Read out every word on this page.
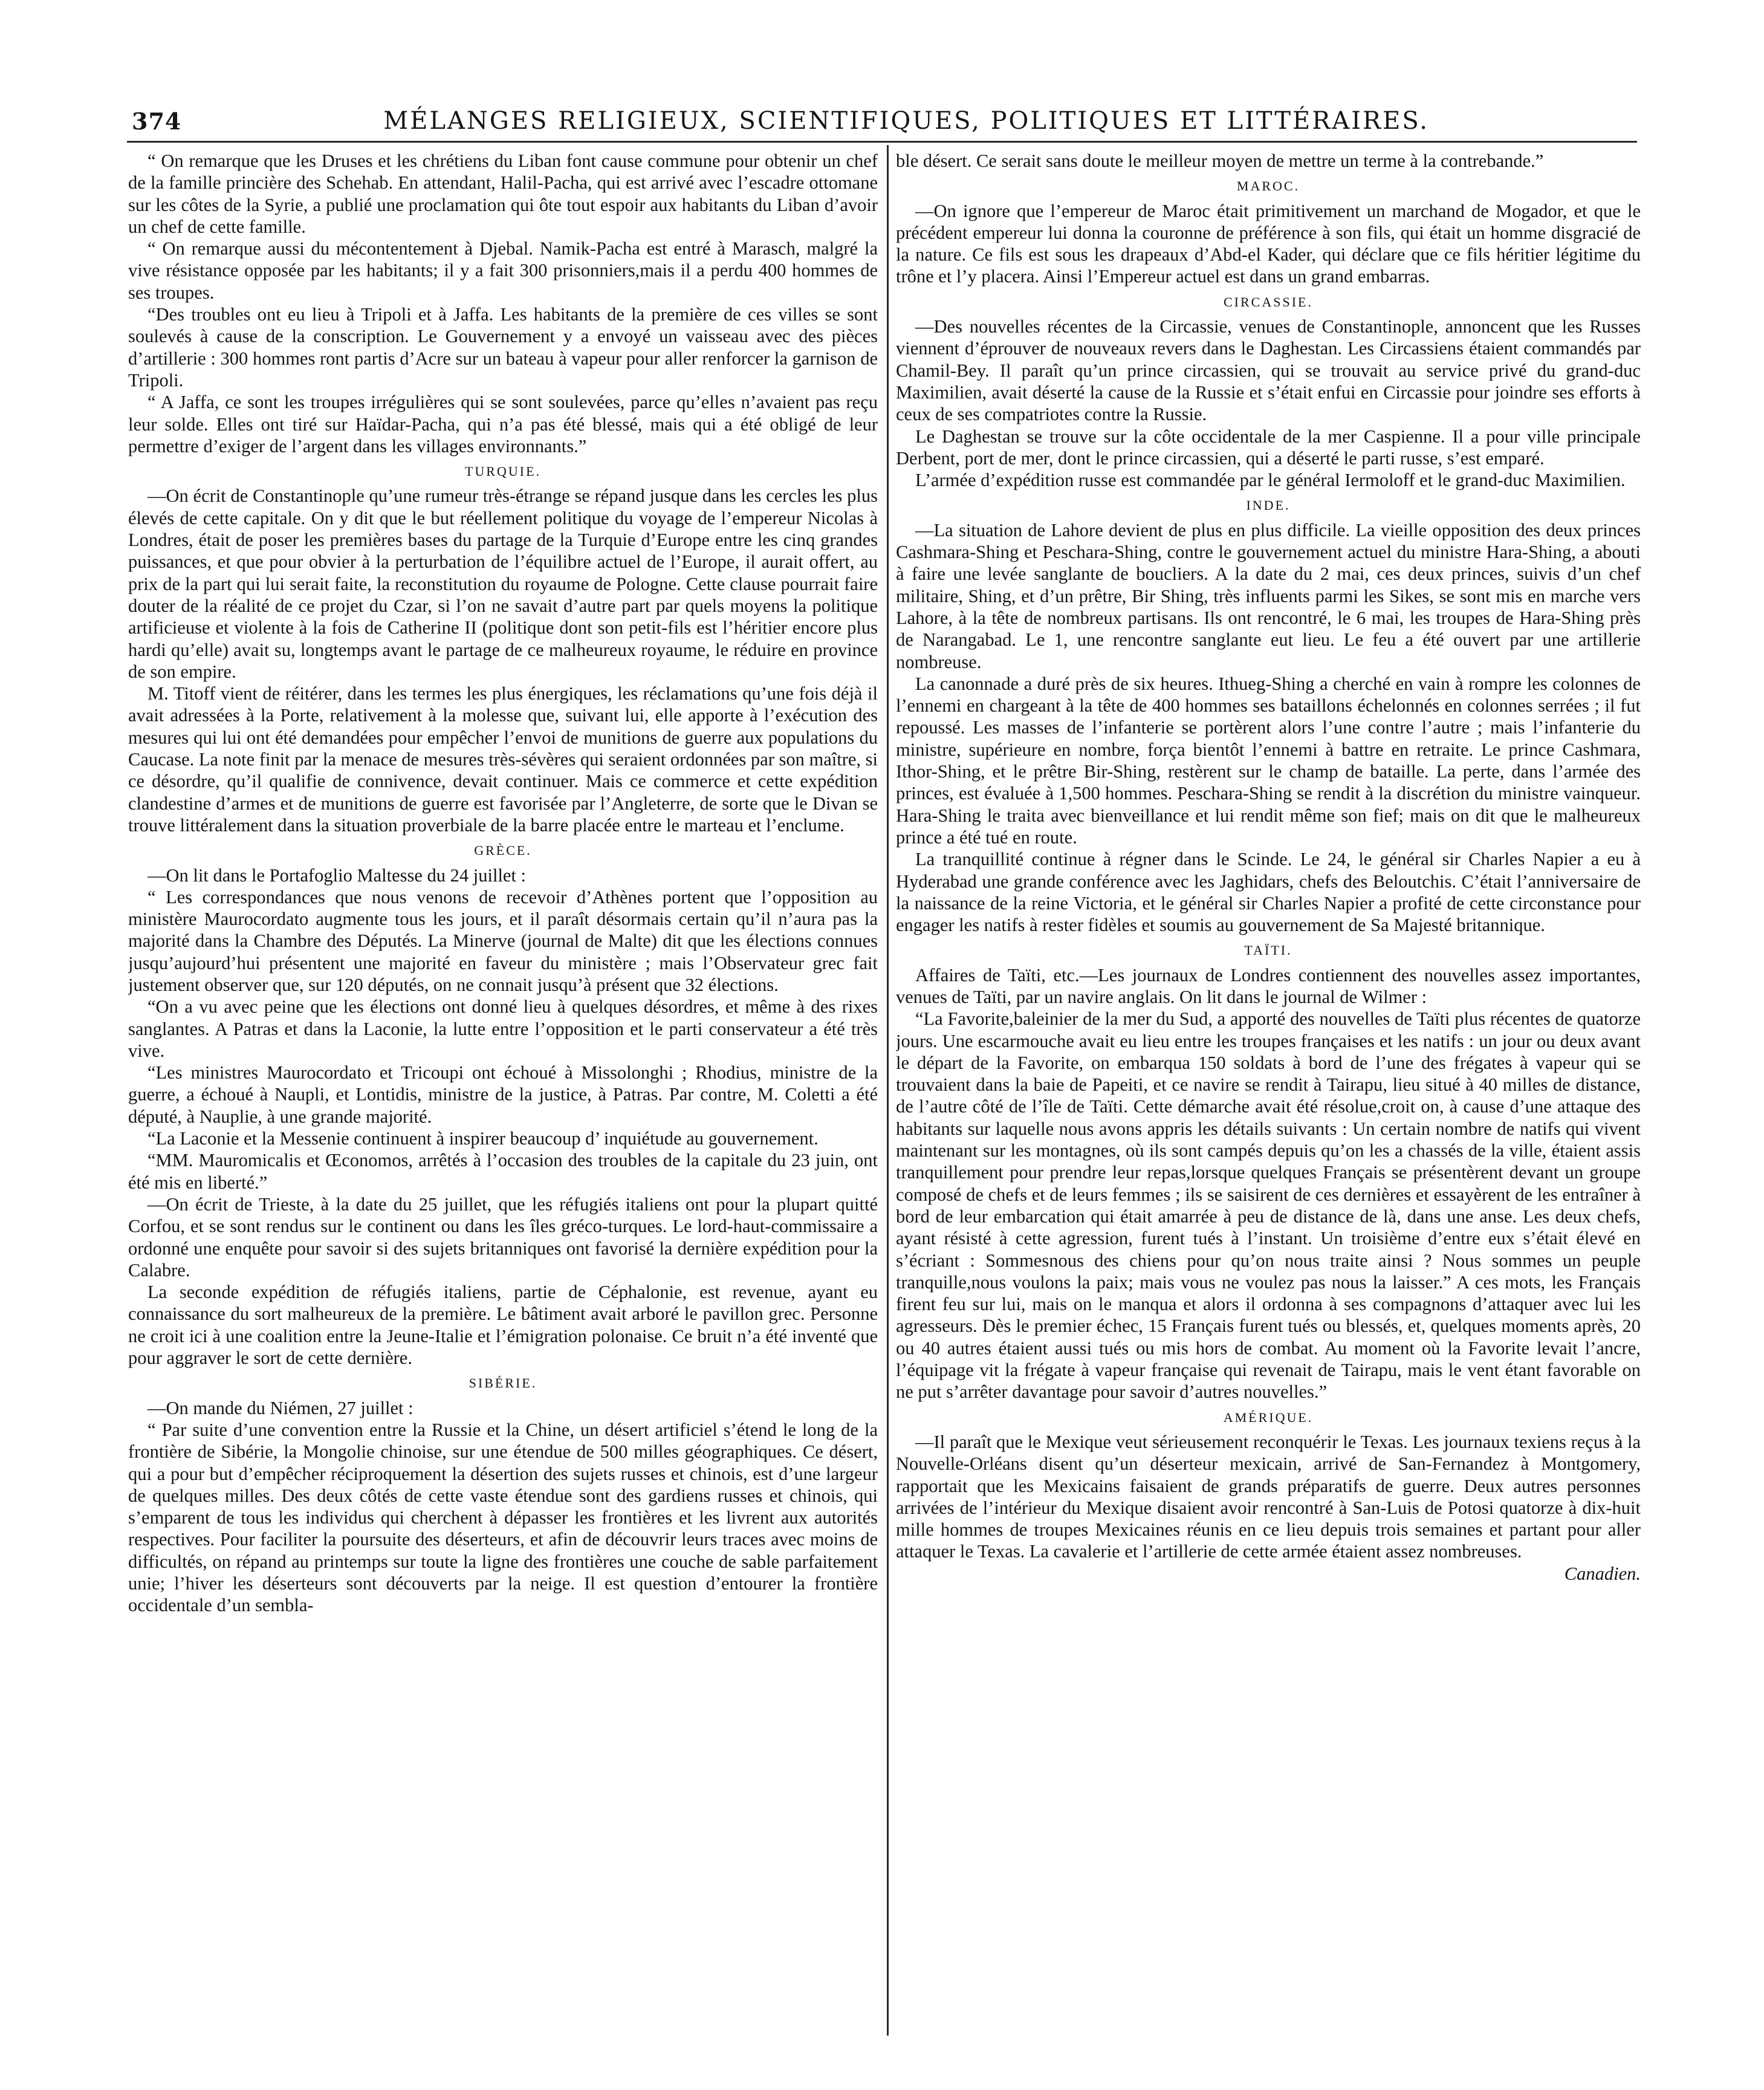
374	MÉLANGES RELIGIEUX, SCIENTIFIQUES, POLITIQUES ET LITTÉRAIRES.

“ On remarque que les Druses et les chrétiens du Liban font cause commune pour obtenir un chef de la famille princière des Schehab. En attendant, Halil-Pacha, qui est arrivé avec l’escadre ottomane sur les côtes de la Syrie, a publié une proclamation qui ôte tout espoir aux habitants du Liban d’avoir un chef de cette famille.

“ On remarque aussi du mécontentement à Djebal. Namik-Pacha est entré à Marasch, malgré la vive résistance opposée par les habitants; il y a fait 300 prisonniers,mais il a perdu 400 hommes de ses troupes.

“Des troubles ont eu lieu à Tripoli et à Jaffa. Les habitants de la première de ces villes se sont soulevés à cause de la conscription. Le Gouvernement y a envoyé un vaisseau avec des pièces d’artillerie : 300 hommes ront partis d’Acre sur un bateau à vapeur pour aller renforcer la garnison de Tripoli.

“ A Jaffa, ce sont les troupes irrégulières qui se sont soulevées, parce qu’elles n’avaient pas reçu leur solde. Elles ont tiré sur Haïdar-Pacha, qui n’a pas été blessé, mais qui a été obligé de leur permettre d’exiger de l’argent dans les villages environnants.”

TURQUIE.

—On écrit de Constantinople qu’une rumeur très-étrange se répand jusque dans les cercles les plus élevés de cette capitale. On y dit que le but réellement politique du voyage de l’empereur Nicolas à Londres, était de poser les premières bases du partage de la Turquie d’Europe entre les cinq grandes puissances, et que pour obvier à la perturbation de l’équilibre actuel de l’Europe, il aurait offert, au prix de la part qui lui serait faite, la reconstitution du royaume de Pologne. Cette clause pourrait faire douter de la réalité de ce projet du Czar, si l’on ne savait d’autre part par quels moyens la politique artificieuse et violente à la fois de Catherine II (politique dont son petit-fils est l’héritier encore plus hardi qu’elle) avait su, longtemps avant le partage de ce malheureux royaume, le réduire en province de son empire.

M. Titoff vient de réitérer, dans les termes les plus énergiques, les réclamations qu’une fois déjà il avait adressées à la Porte, relativement à la molesse que, suivant lui, elle apporte à l’exécution des mesures qui lui ont été demandées pour empêcher l’envoi de munitions de guerre aux populations du Caucase. La note finit par la menace de mesures très-sévères qui seraient ordonnées par son maître, si ce désordre, qu’il qualifie de connivence, devait continuer. Mais ce commerce et cette expédition clandestine d’armes et de munitions de guerre est favorisée par l’Angleterre, de sorte que le Divan se trouve littéralement dans la situation proverbiale de la barre placée entre le marteau et l’enclume.

GRÈCE.

—On lit dans le Portafoglio Maltesse du 24 juillet :

“ Les correspondances que nous venons de recevoir d’Athènes portent que l’opposition au ministère Maurocordato augmente tous les jours, et il paraît désormais certain qu’il n’aura pas la majorité dans la Chambre des Députés. La Minerve (journal de Malte) dit que les élections connues jusqu’aujourd’hui présentent une majorité en faveur du ministère ; mais l’Observateur grec fait justement observer que, sur 120 députés, on ne connait jusqu’à présent que 32 élections.

“On a vu avec peine que les élections ont donné lieu à quelques désordres, et même à des rixes sanglantes. A Patras et dans la Laconie, la lutte entre l’opposition et le parti conservateur a été très vive.

“Les ministres Maurocordato et Tricoupi ont échoué à Missolonghi ; Rhodius, ministre de la guerre, a échoué à Naupli, et Lontidis, ministre de la justice, à Patras. Par contre, M. Coletti a été député, à Nauplie, à une grande majorité.

“La Laconie et la Messenie continuent à inspirer beaucoup d’ inquiétude au gouvernement.

“MM. Mauromicalis et Œconomos, arrêtés à l’occasion des troubles de la capitale du 23 juin, ont été mis en liberté.”

—On écrit de Trieste, à la date du 25 juillet, que les réfugiés italiens ont pour la plupart quitté Corfou, et se sont rendus sur le continent ou dans les îles gréco-turques. Le lord-haut-commissaire a ordonné une enquête pour savoir si des sujets britanniques ont favorisé la dernière expédition pour la Calabre.

La seconde expédition de réfugiés italiens, partie de Céphalonie, est revenue, ayant eu connaissance du sort malheureux de la première. Le bâtiment avait arboré le pavillon grec. Personne ne croit ici à une coalition entre la Jeune-Italie et l’émigration polonaise. Ce bruit n’a été inventé que pour aggraver le sort de cette dernière.

SIBÉRIE.

—On mande du Niémen, 27 juillet :

“ Par suite d’une convention entre la Russie et la Chine, un désert artificiel s’étend le long de la frontière de Sibérie, la Mongolie chinoise, sur une étendue de 500 milles géographiques. Ce désert, qui a pour but d’empêcher réciproquement la désertion des sujets russes et chinois, est d’une largeur de quelques milles. Des deux côtés de cette vaste étendue sont des gardiens russes et chinois, qui s’emparent de tous les individus qui cherchent à dépasser les frontières et les livrent aux autorités respectives. Pour faciliter la poursuite des déserteurs, et afin de découvrir leurs traces avec moins de difficultés, on répand au printemps sur toute la ligne des frontières une couche de sable parfaitement unie; l’hiver les déserteurs sont découverts par la neige. Il est question d’entourer la frontière occidentale d’un sembla-

ble désert. Ce serait sans doute le meilleur moyen de mettre un terme à la contrebande.”

MAROC.

—On ignore que l’empereur de Maroc était primitivement un marchand de Mogador, et que le précédent empereur lui donna la couronne de préférence à son fils, qui était un homme disgracié de la nature. Ce fils est sous les drapeaux d’Abd-el Kader, qui déclare que ce fils héritier légitime du trône et l’y placera. Ainsi l’Empereur actuel est dans un grand embarras.

CIRCASSIE.

—Des nouvelles récentes de la Circassie, venues de Constantinople, annoncent que les Russes viennent d’éprouver de nouveaux revers dans le Daghestan. Les Circassiens étaient commandés par Chamil-Bey. Il paraît qu’un prince circassien, qui se trouvait au service privé du grand-duc Maximilien, avait déserté la cause de la Russie et s’était enfui en Circassie pour joindre ses efforts à ceux de ses compatriotes contre la Russie.

Le Daghestan se trouve sur la côte occidentale de la mer Caspienne. Il a pour ville principale Derbent, port de mer, dont le prince circassien, qui a déserté le parti russe, s’est emparé.

L’armée d’expédition russe est commandée par le général Iermoloff et le grand-duc Maximilien.

INDE.

—La situation de Lahore devient de plus en plus difficile. La vieille opposition des deux princes Cashmara-Shing et Peschara-Shing, contre le gouvernement actuel du ministre Hara-Shing, a abouti à faire une levée sanglante de boucliers. A la date du 2 mai, ces deux princes, suivis d’un chef militaire, Shing, et d’un prêtre, Bir Shing, très influents parmi les Sikes, se sont mis en marche vers Lahore, à la tête de nombreux partisans. Ils ont rencontré, le 6 mai, les troupes de Hara-Shing près de Narangabad. Le 1, une rencontre sanglante eut lieu. Le feu a été ouvert par une artillerie nombreuse.

La canonnade a duré près de six heures. Ithueg-Shing a cherché en vain à rompre les colonnes de l’ennemi en chargeant à la tête de 400 hommes ses bataillons échelonnés en colonnes serrées ; il fut repoussé. Les masses de l’infanterie se portèrent alors l’une contre l’autre ; mais l’infanterie du ministre, supérieure en nombre, força bientôt l’ennemi à battre en retraite. Le prince Cashmara, Ithor-Shing, et le prêtre Bir-Shing, restèrent sur le champ de bataille. La perte, dans l’armée des princes, est évaluée à 1,500 hommes. Peschara-Shing se rendit à la discrétion du ministre vainqueur. Hara-Shing le traita avec bienveillance et lui rendit même son fief; mais on dit que le malheureux prince a été tué en route.

La tranquillité continue à régner dans le Scinde. Le 24, le général sir Charles Napier a eu à Hyderabad une grande conférence avec les Jaghidars, chefs des Beloutchis. C’était l’anniversaire de la naissance de la reine Victoria, et le général sir Charles Napier a profité de cette circonstance pour engager les natifs à rester fidèles et soumis au gouvernement de Sa Majesté britannique.

TAÏTI.

Affaires de Taïti, etc.—Les journaux de Londres contiennent des nouvelles assez importantes, venues de Taïti, par un navire anglais. On lit dans le journal de Wilmer :

“La Favorite,baleinier de la mer du Sud, a apporté des nouvelles de Taïti plus récentes de quatorze jours. Une escarmouche avait eu lieu entre les troupes françaises et les natifs : un jour ou deux avant le départ de la Favorite, on embarqua 150 soldats à bord de l’une des frégates à vapeur qui se trouvaient dans la baie de Papeiti, et ce navire se rendit à Tairapu, lieu situé à 40 milles de distance, de l’autre côté de l’île de Taïti. Cette démarche avait été résolue,croit on, à cause d’une attaque des habitants sur laquelle nous avons appris les détails suivants : Un certain nombre de natifs qui vivent maintenant sur les montagnes, où ils sont campés depuis qu’on les a chassés de la ville, étaient assis tranquillement pour prendre leur repas,lorsque quelques Français se présentèrent devant un groupe composé de chefs et de leurs femmes ; ils se saisirent de ces dernières et essayèrent de les entraîner à bord de leur embarcation qui était amarrée à peu de distance de là, dans une anse. Les deux chefs, ayant résisté à cette agression, furent tués à l’instant. Un troisième d’entre eux s’était élevé en s’écriant : Sommesnous des chiens pour qu’on nous traite ainsi ? Nous sommes un peuple tranquille,nous voulons la paix; mais vous ne voulez pas nous la laisser.” A ces mots, les Français firent feu sur lui, mais on le manqua et alors il ordonna à ses compagnons d’attaquer avec lui les agresseurs. Dès le premier échec, 15 Français furent tués ou blessés, et, quelques moments après, 20 ou 40 autres étaient aussi tués ou mis hors de combat. Au moment où la Favorite levait l’ancre, l’équipage vit la frégate à vapeur française qui revenait de Tairapu, mais le vent étant favorable on ne put s’arrêter davantage pour savoir d’autres nouvelles.”

AMÉRIQUE.

—Il paraît que le Mexique veut sérieusement reconquérir le Texas. Les journaux texiens reçus à la Nouvelle-Orléans disent qu’un déserteur mexicain, arrivé de San-Fernandez à Montgomery, rapportait que les Mexicains faisaient de grands préparatifs de guerre. Deux autres personnes arrivées de l’intérieur du Mexique disaient avoir rencontré à San-Luis de Potosi quatorze à dix-huit mille hommes de troupes Mexicaines réunis en ce lieu depuis trois semaines et partant pour aller attaquer le Texas. La cavalerie et l’artillerie de cette armée étaient assez nombreuses.

Canadien.
